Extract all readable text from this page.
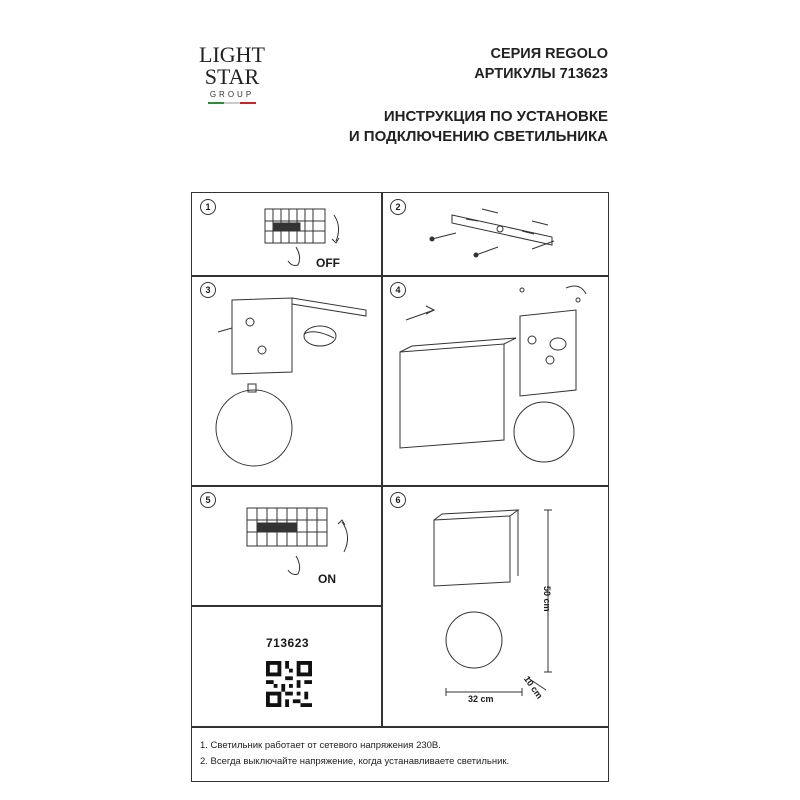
LIGHT
STAR
GROUP
СЕРИЯ REGOLO
АРТИКУЛЫ 713623
ИНСТРУКЦИЯ ПО УСТАНОВКЕ
И ПОДКЛЮЧЕНИЮ СВЕТИЛЬНИКА
1
OFF
2
3	4
5
ON
713623
6
50 cm
10 cm
32 cm
1. Светильник работает от сетевого напряжения 230В.
2. Всегда выключайте напряжение, когда устанавливаете светильник.
